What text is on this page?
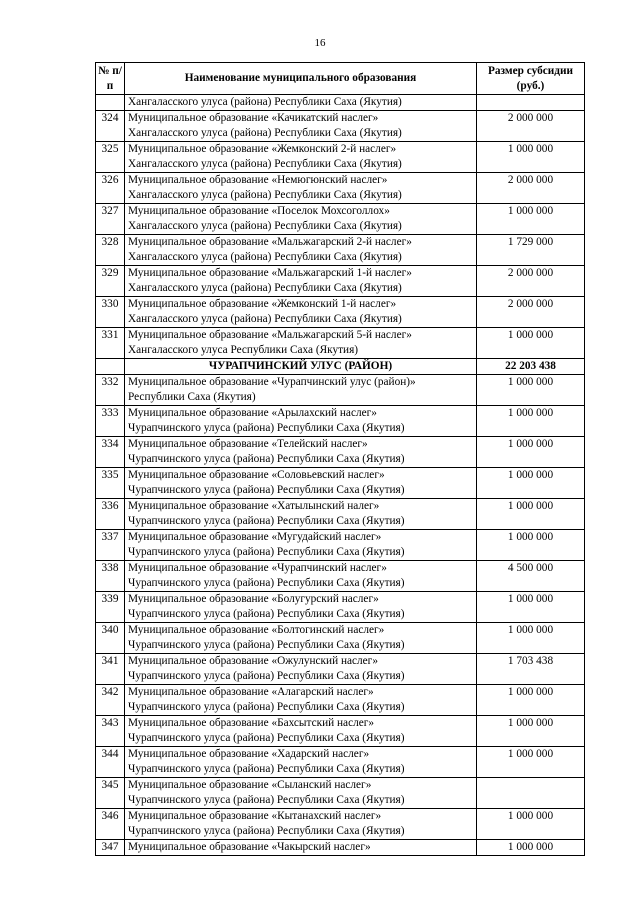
16
№ п/п	Наименование муниципального образования	Размер субсидии (руб.)

	Хангаласского улуса (района) Республики Саха (Якутия)	

324	Муниципальное образование «Качикатский наслег»
Хангаласского улуса (района) Республики Саха (Якутия)	2 000 000
325	Муниципальное образование «Жемконский 2-й наслег»
Хангаласского улуса (района) Республики Саха (Якутия)	1 000 000
326	Муниципальное образование «Немюгюнский наслег»
Хангаласского улуса (района) Республики Саха (Якутия)	2 000 000
327	Муниципальное образование «Поселок Мохсоголлох»
Хангаласского улуса (района) Республики Саха (Якутия)	1 000 000
328	Муниципальное образование «Мальжагарский 2-й наслег»
Хангаласского улуса (района) Республики Саха (Якутия)	1 729 000
329	Муниципальное образование «Мальжагарский 1-й наслег»
Хангаласского улуса (района) Республики Саха (Якутия)	2 000 000
330	Муниципальное образование «Жемконский 1-й наслег»
Хангаласского улуса (района) Республики Саха (Якутия)	2 000 000
331	Муниципальное образование «Мальжагарский 5-й наслег»
Хангаласского улуса Республики Саха (Якутия)	1 000 000

	ЧУРАПЧИНСКИЙ УЛУС (РАЙОН)	22 203 438
332	Муниципальное образование «Чурапчинский улус (район)»
Республики Саха (Якутия)	1 000 000
333	Муниципальное образование «Арылахский наслег»
Чурапчинского улуса (района) Республики Саха (Якутия)	1 000 000
334	Муниципальное образование «Телейский наслег»
Чурапчинского улуса (района) Республики Саха (Якутия)	1 000 000
335	Муниципальное образование «Соловьевский наслег»
Чурапчинского улуса (района) Республики Саха (Якутия)	1 000 000
336	Муниципальное образование «Хатылынский налег»
Чурапчинского улуса (района) Республики Саха (Якутия)	1 000 000
337	Муниципальное образование «Мугудайский наслег»
Чурапчинского улуса (района) Республики Саха (Якутия)	1 000 000
338	Муниципальное образование «Чурапчинский наслег»
Чурапчинского улуса (района) Республики Саха (Якутия)	4 500 000
339	Муниципальное образование «Болугурский наслег»
Чурапчинского улуса (района) Республики Саха (Якутия)	1 000 000
340	Муниципальное образование «Болтогинский наслег»
Чурапчинского улуса (района) Республики Саха (Якутия)	1 000 000
341	Муниципальное образование «Ожулунский наслег»
Чурапчинского улуса (района) Республики Саха (Якутия)	1 703 438
342	Муниципальное образование «Алагарский наслег»
Чурапчинского улуса (района) Республики Саха (Якутия)	1 000 000
343	Муниципальное образование «Бахсытский наслег»
Чурапчинского улуса (района) Республики Саха (Якутия)	1 000 000
344	Муниципальное образование «Хадарский наслег»
Чурапчинского улуса (района) Республики Саха (Якутия)	1 000 000
345	Муниципальное образование «Сыланский наслег»
Чурапчинского улуса (района) Республики Саха (Якутия)	

346	Муниципальное образование «Кытанахский наслег»
Чурапчинского улуса (района) Республики Саха (Якутия)	1 000 000
347	Муниципальное образование «Чакырский наслег»	1 000 000
